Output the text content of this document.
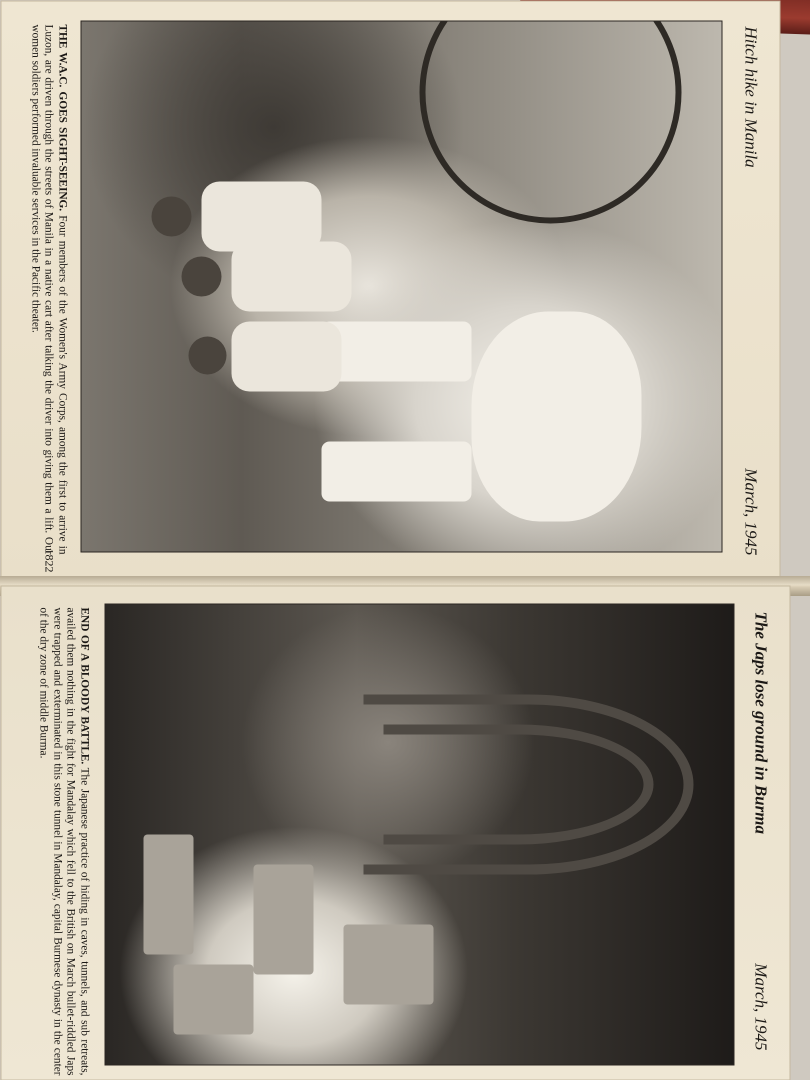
Hitch hike in Manila
March, 1945
THE W.A.C. GOES SIGHT-SEEING. Four members of the Women's Army Corps, among the first to arrive in Luzon, are driven through the streets of Manila in a native cart after talking the driver into giving them a lift. Our women soldiers performed invaluable services in the Pacific theater.
1822
The Japs lose ground in Burma
March, 1945
END OF A BLOODY BATTLE. The Japanese practice of hiding in caves, tunnels, and sub retreats, availed them nothing in the fight for Mandalay which fell to the British on March bullet-riddled Japs were trapped and exterminated in this stone tunnel in Mandalay, capital Burmese dynasty in the center of the dry zone of middle Burma.
